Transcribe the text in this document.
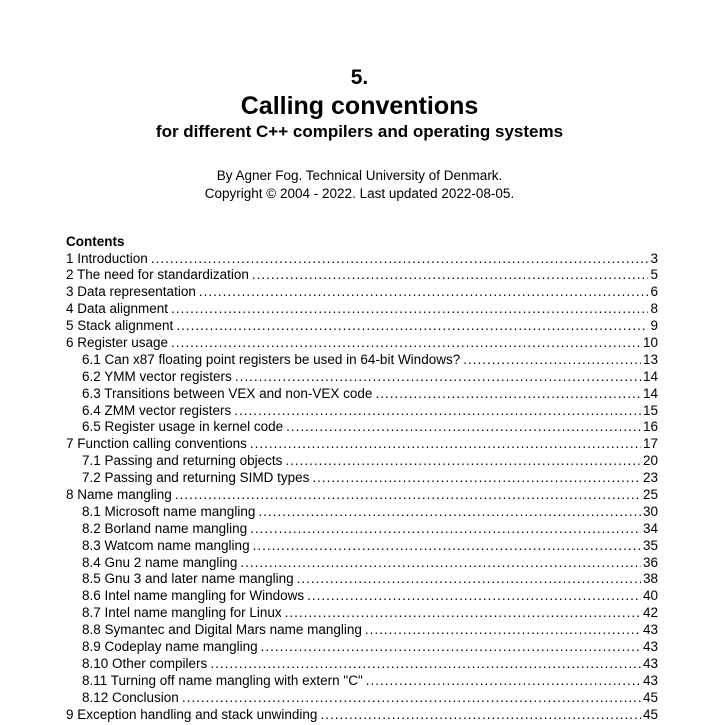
5.
Calling conventions
for different C++ compilers and operating systems
By Agner Fog. Technical University of Denmark.
Copyright © 2004 - 2022. Last updated 2022-08-05.
Contents
1 Introduction .....	3
2 The need for standardization .....	5
3 Data representation .....	6
4 Data alignment .....	8
5 Stack alignment .....	9
6 Register usage .....	10
6.1 Can x87 floating point registers be used in 64-bit Windows? .....	13
6.2 YMM vector registers .....	14
6.3 Transitions between VEX and non-VEX code .....	14
6.4 ZMM vector registers .....	15
6.5 Register usage in kernel code .....	16
7 Function calling conventions .....	17
7.1 Passing and returning objects .....	20
7.2 Passing and returning SIMD types .....	23
8 Name mangling .....	25
8.1 Microsoft name mangling .....	30
8.2 Borland name mangling .....	34
8.3 Watcom name mangling .....	35
8.4 Gnu 2 name mangling .....	36
8.5 Gnu 3 and later name mangling .....	38
8.6 Intel name mangling for Windows .....	40
8.7 Intel name mangling for Linux .....	42
8.8 Symantec and Digital Mars name mangling .....	43
8.9 Codeplay name mangling .....	43
8.10 Other compilers .....	43
8.11 Turning off name mangling with extern "C" .....	43
8.12 Conclusion .....	45
9 Exception handling and stack unwinding .....	45
